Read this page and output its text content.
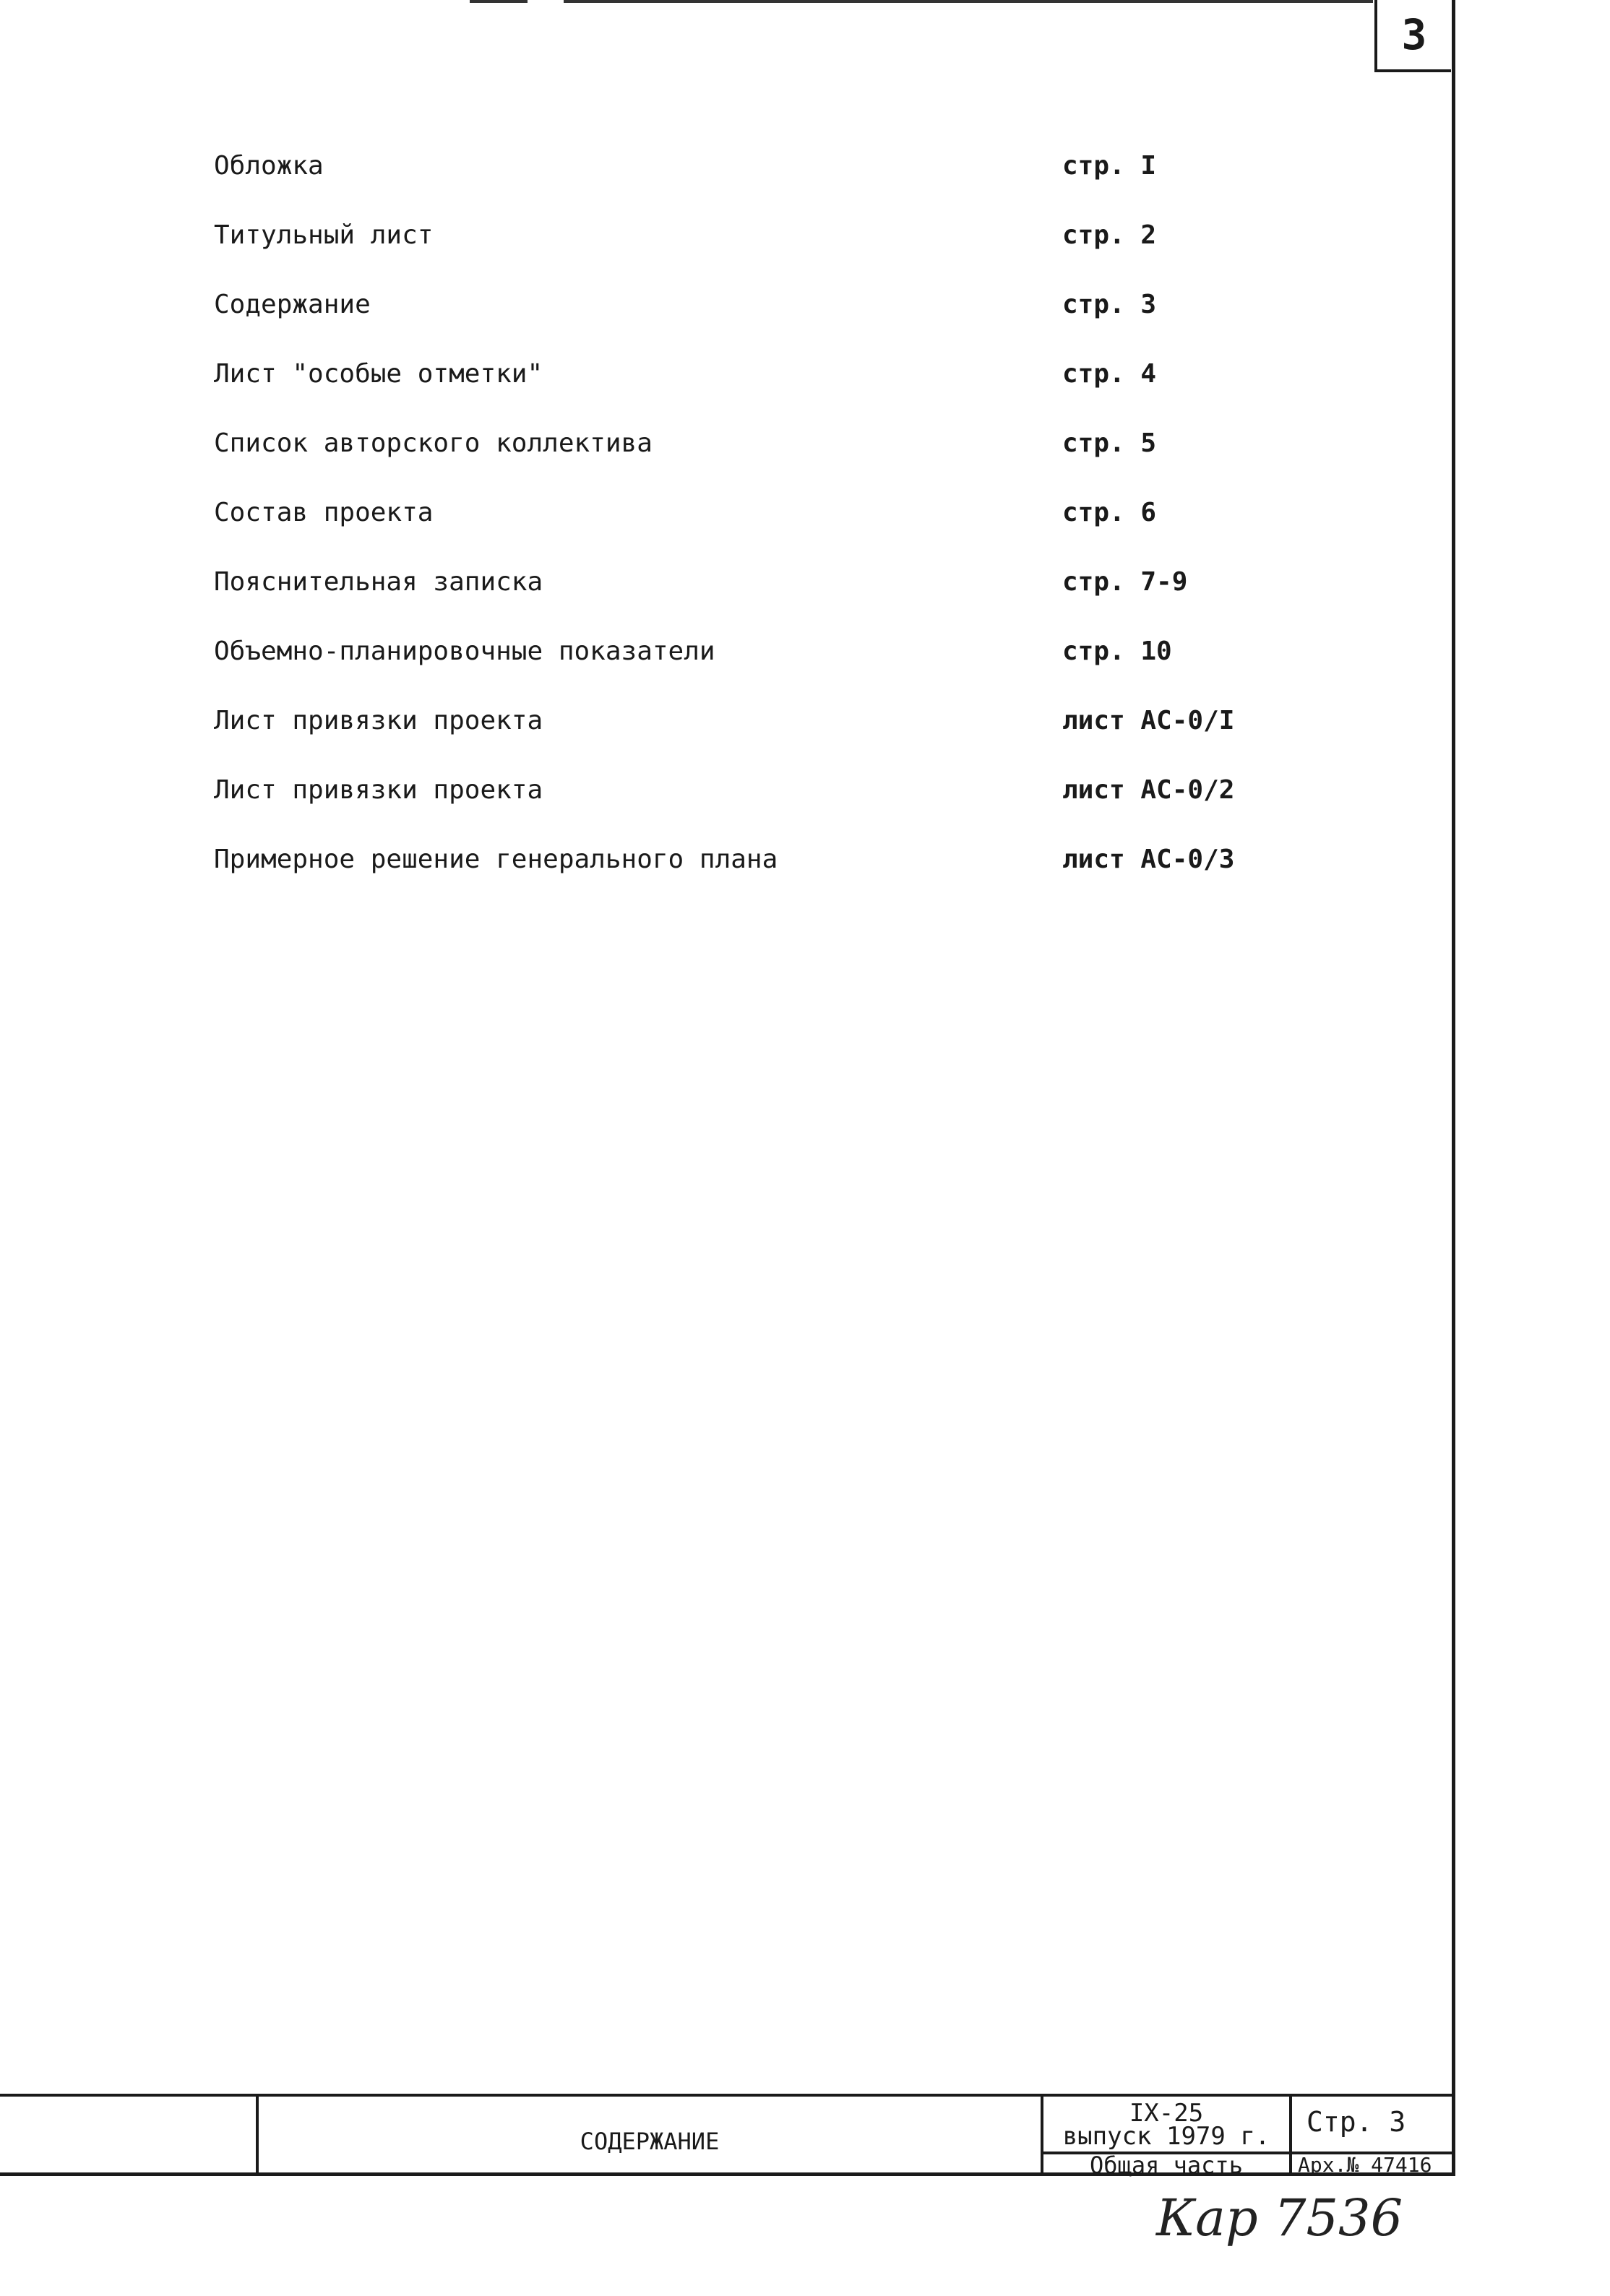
3
Обложка	стр. I
Титульный лист	стр. 2
Содержание	стр. 3
Лист "особые отметки"	стр. 4
Список авторского коллектива	стр. 5
Состав проекта	стр. 6
Пояснительная записка	стр. 7-9
Объемно-планировочные показатели	стр. 10
Лист привязки проекта	лист АС-0/I
Лист привязки проекта	лист АС-0/2
Примерное решение генерального плана	лист АС-0/3
СОДЕРЖАНИЕ
IX-25
выпуск 1979 г.
Общая часть
Стр. 3
Арх.№ 47416
Кар 7536
